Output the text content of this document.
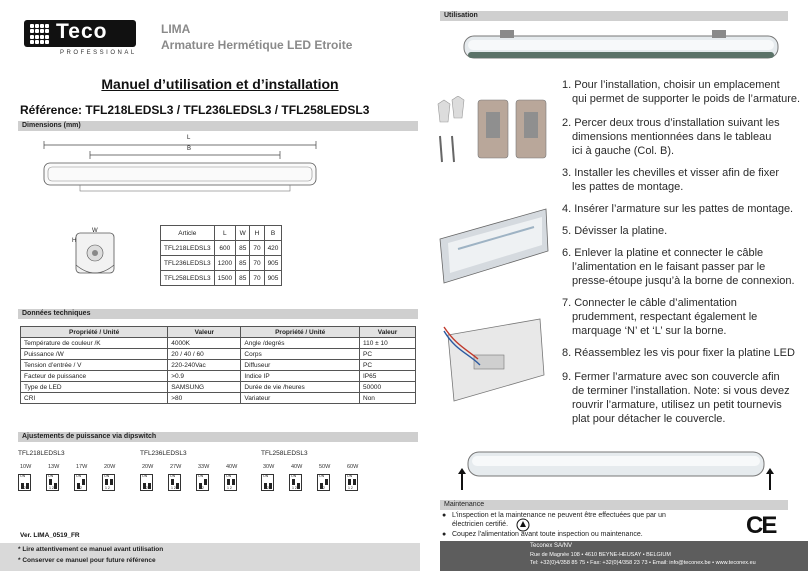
Teco
PROFESSIONAL
LIMA
Armature Hermétique LED Etroite
Manuel d’utilisation et d’installation
Référence: TFL218LEDSL3 / TFL236LEDSL3 / TFL258LEDSL3
Dimensions (mm)
L
B
H
W	Article	L	W	H	B
TFL218LEDSL3	600	85	70	420
TFL236LEDSL3	1200	85	70	905
TFL258LEDSL3	1500	85	70	905
Données techniques
Propriété / Unité	Valeur	Propriété / Unité	Valeur
Température de couleur /K	4000K	Angle /degrés	110 ± 10
Puissance /W	20 / 40 / 60	Corps	PC
Tension d’entrée / V	220-240Vac	Diffuseur	PC
Facteur de puissance	>0.9	Indice IP	IP65
Type de LED	SAMSUNG	Durée de vie /heures	50000
CRI	>80	Variateur	Non
Ajustements de puissance via dipswitch
TFL218LEDSL3
10W
ON
1 2
13W
ON
1 2
17W
ON
1 2
20W
ON
1 2
TFL236LEDSL3
20W
ON
1 2
27W
ON
1 2
33W
ON
1 2
40W
ON
1 2
TFL258LEDSL3
30W
ON
1 2
40W
ON
1 2
50W
ON
1 2
60W
ON
1 2
Ver. LIMA_0519_FR
* Lire attentivement ce manuel avant utilisation
* Conserver ce manuel pour future référence
Utilisation
1. Pour l’installation, choisir un emplacement
qui permet de supporter le poids de l’armature.
2. Percer deux trous d’installation suivant les
dimensions mentionnées dans le tableau
ici à gauche (Col. B).
3. Installer les chevilles et visser afin de fixer
les pattes de montage.
4. Insérer l’armature sur les pattes de montage.
5. Dévisser la platine.
6. Enlever la platine et connecter le câble
l’alimentation en le faisant passer par le
presse-étoupe jusqu’à la borne de connexion.
7. Connecter le câble d’alimentation
prudemment, respectant également le
marquage ‘N’ et ‘L’ sur la borne.
8. Réassemblez les vis pour fixer la platine LED
9. Fermer l’armature avec son couvercle afin
de terminer l’installation. Note: si vous devez
rouvrir l’armature, utilisez un petit tournevis
plat pour détacher le couvercle.
Maintenance
● L’inspection et la maintenance ne peuvent être effectuées que par un
électricien certifié.
● Coupez l’alimentation avant toute inspection ou maintenance.	CE
Teconex SA/NV
Rue de Magnée 108 • 4610 BEYNE-HEUSAY • BELGIUM
Tel: +32(0)4/358 85 75 • Fax: +32(0)4/358 23 73 • Email: info@teconex.be • www.teconex.eu
